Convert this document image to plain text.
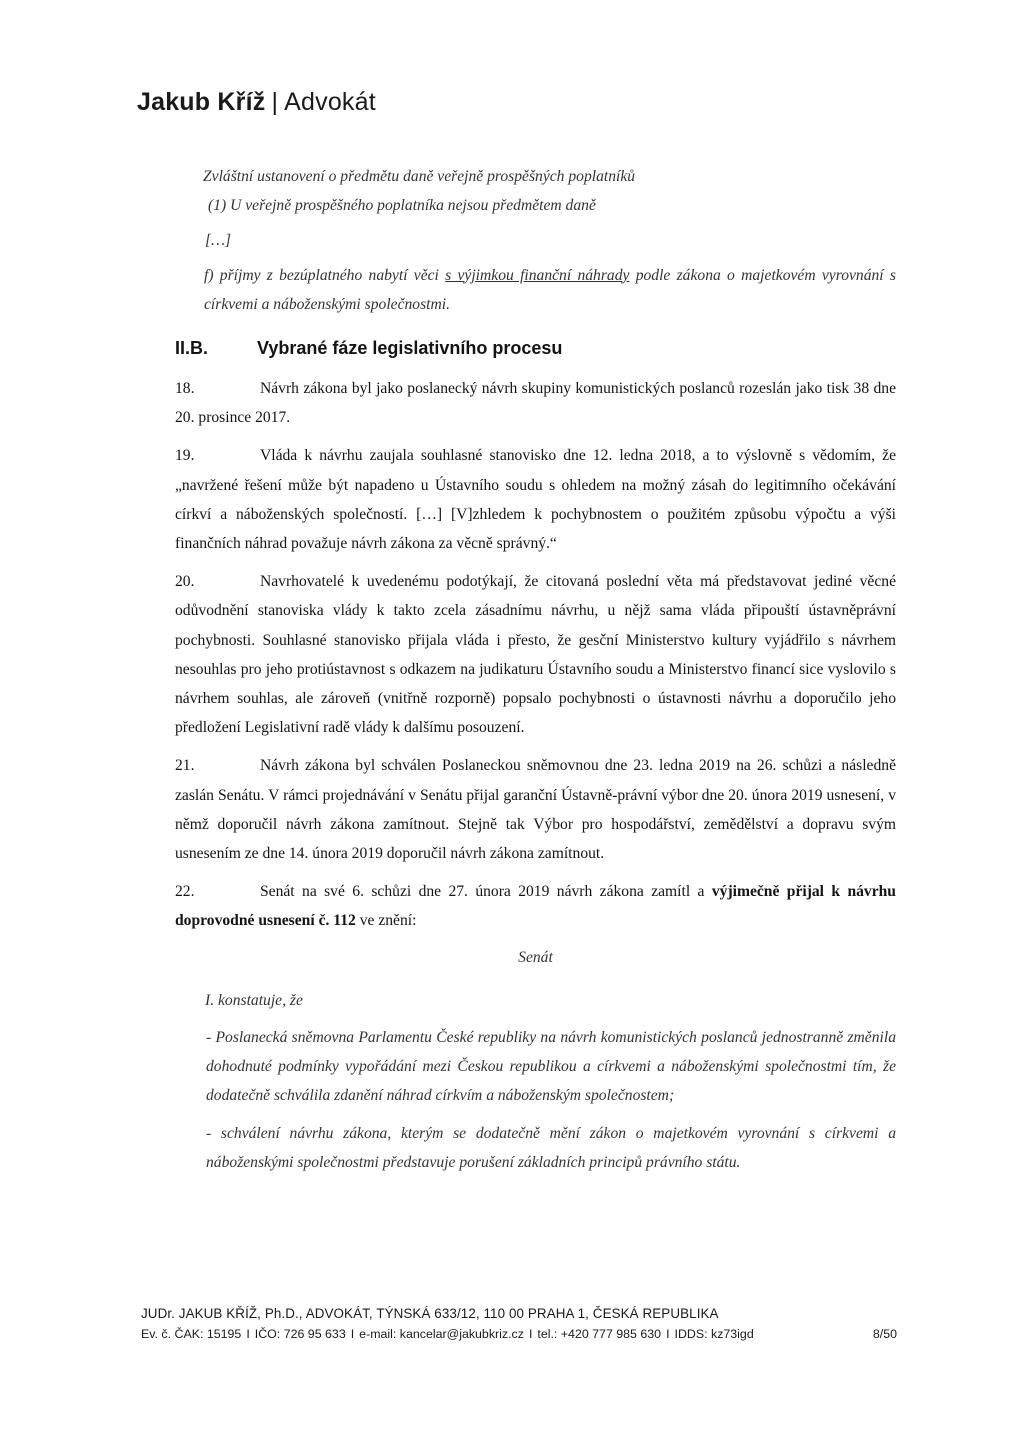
Jakub Kříž | Advokát

Zvláštní ustanovení o předmětu daně veřejně prospěšných poplatníků

(1) U veřejně prospěšného poplatníka nejsou předmětem daně

[…]

f) příjmy z bezúplatného nabytí věci s výjimkou finanční náhrady podle zákona o majetkovém vyrovnání s církvemi a náboženskými společnostmi.

II.B.	Vybrané fáze legislativního procesu

18.	Návrh zákona byl jako poslanecký návrh skupiny komunistických poslanců rozeslán jako tisk 38 dne 20. prosince 2017.

19.	Vláda k návrhu zaujala souhlasné stanovisko dne 12. ledna 2018, a to výslovně s vědomím, že „navržené řešení může být napadeno u Ústavního soudu s ohledem na možný zásah do legitimního očekávání církví a náboženských společností. […] [V]zhledem k pochybnostem o použitém způsobu výpočtu a výši finančních náhrad považuje návrh zákona za věcně správný.“

20.	Navrhovatelé k uvedenému podotýkají, že citovaná poslední věta má představovat jediné věcné odůvodnění stanoviska vlády k takto zcela zásadnímu návrhu, u nějž sama vláda připouští ústavněprávní pochybnosti. Souhlasné stanovisko přijala vláda i přesto, že gesční Ministerstvo kultury vyjádřilo s návrhem nesouhlas pro jeho protiústavnost s odkazem na judikaturu Ústavního soudu a Ministerstvo financí sice vyslovilo s návrhem souhlas, ale zároveň (vnitřně rozporně) popsalo pochybnosti o ústavnosti návrhu a doporučilo jeho předložení Legislativní radě vlády k dalšímu posouzení.

21.	Návrh zákona byl schválen Poslaneckou sněmovnou dne 23. ledna 2019 na 26. schůzi a následně zaslán Senátu. V rámci projednávání v Senátu přijal garanční Ústavně-právní výbor dne 20. února 2019 usnesení, v němž doporučil návrh zákona zamítnout. Stejně tak Výbor pro hospodářství, zemědělství a dopravu svým usnesením ze dne 14. února 2019 doporučil návrh zákona zamítnout.

22.	Senát na své 6. schůzi dne 27. února 2019 návrh zákona zamítl a výjimečně přijal k návrhu doprovodné usnesení č. 112 ve znění:

Senát

I. konstatuje, že

- Poslanecká sněmovna Parlamentu České republiky na návrh komunistických poslanců jednostranně změnila dohodnuté podmínky vypořádání mezi Českou republikou a církvemi a náboženskými společnostmi tím, že dodatečně schválila zdanění náhrad církvím a náboženským společnostem;

- schválení návrhu zákona, kterým se dodatečně mění zákon o majetkovém vyrovnání s církvemi a náboženskými společnostmi představuje porušení základních principů právního státu.

JUDr. JAKUB KŘÍŽ, Ph.D., ADVOKÁT, TÝNSKÁ 633/12, 110 00 PRAHA 1, ČESKÁ REPUBLIKA
Ev. č. ČAK: 15195 I IČO: 726 95 633 I e-mail: kancelar@jakubkriz.cz I tel.: +420 777 985 630 I IDDS: kz73igd	8/50
